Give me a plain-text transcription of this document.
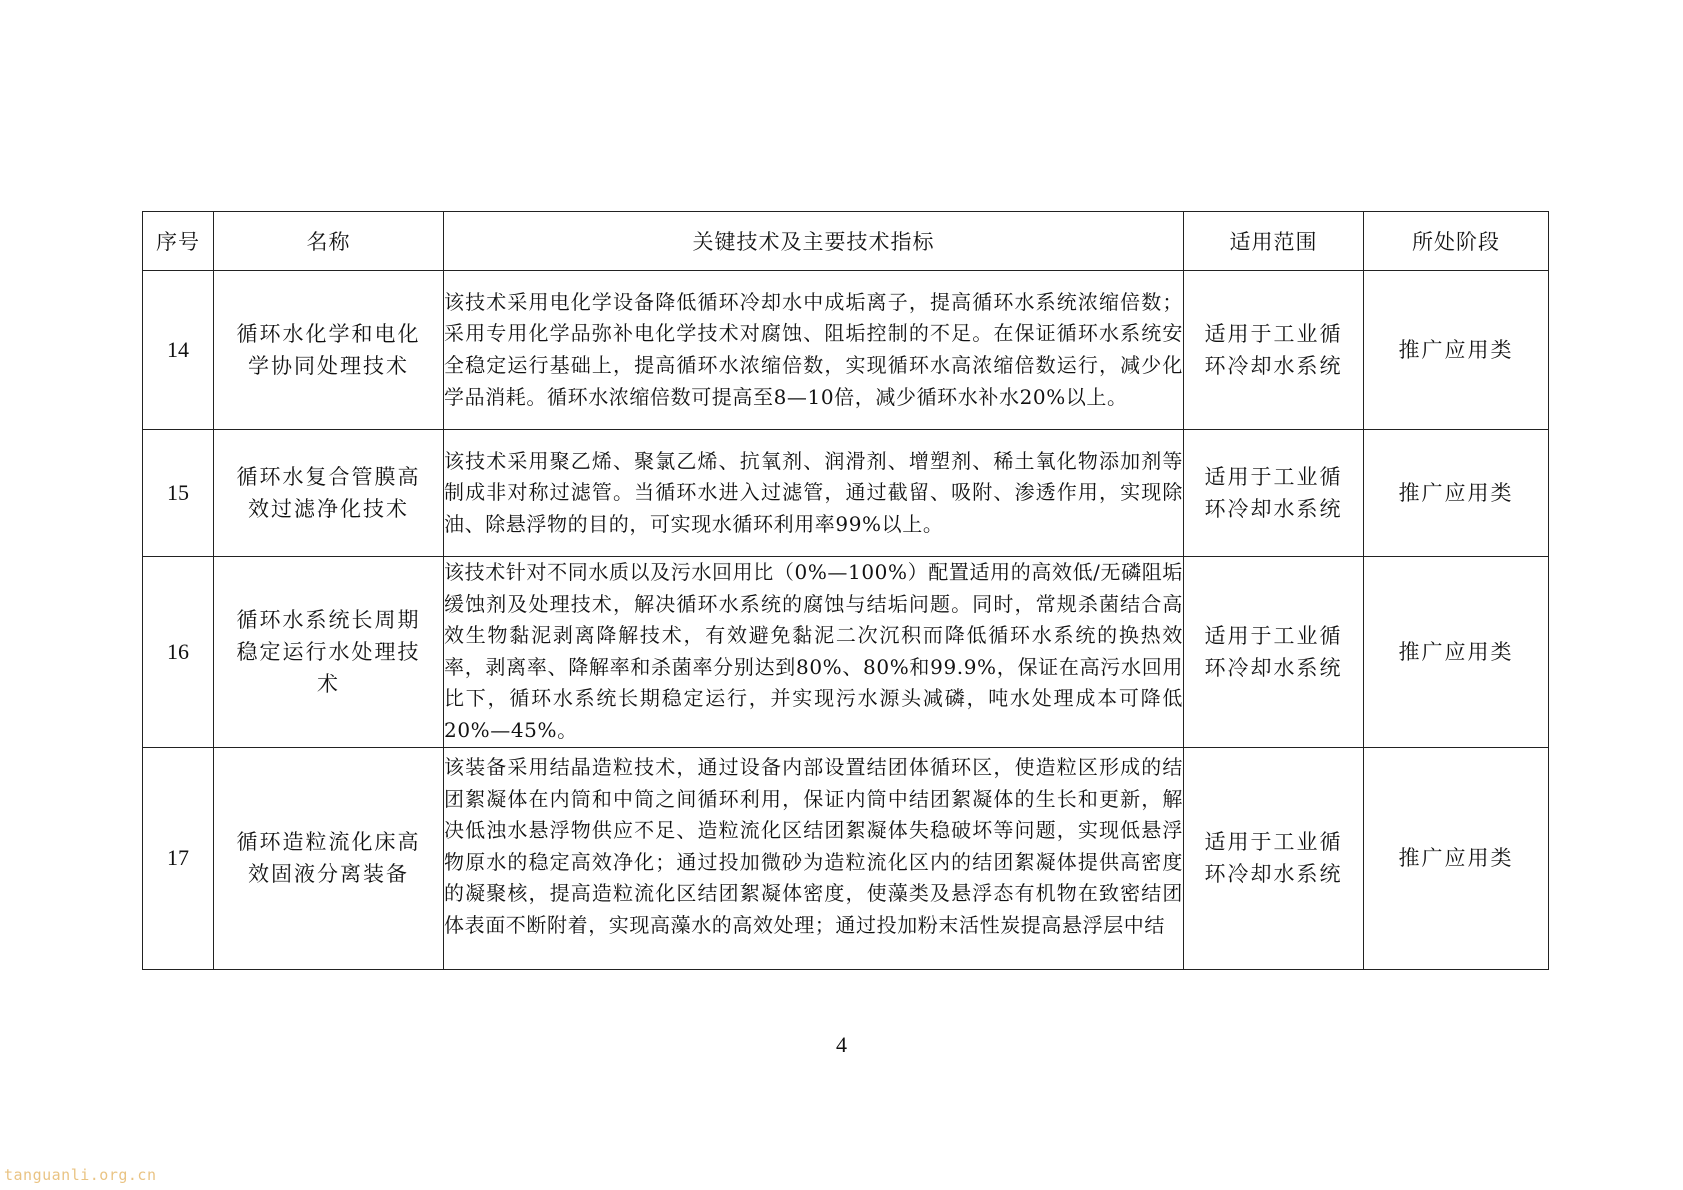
序号	名称	关键技术及主要技术指标	适用范围	所处阶段
14	循环水化学和电化学协同处理技术	该技术采用电化学设备降低循环冷却水中成垢离子，提高循环水系统浓缩倍数；采用专用化学品弥补电化学技术对腐蚀、阻垢控制的不足。在保证循环水系统安全稳定运行基础上，提高循环水浓缩倍数，实现循环水高浓缩倍数运行，减少化学品消耗。循环水浓缩倍数可提高至8—10倍，减少循环水补水20%以上。	适用于工业循环冷却水系统	推广应用类
15	循环水复合管膜高效过滤净化技术	该技术采用聚乙烯、聚氯乙烯、抗氧剂、润滑剂、增塑剂、稀土氧化物添加剂等制成非对称过滤管。当循环水进入过滤管，通过截留、吸附、渗透作用，实现除油、除悬浮物的目的，可实现水循环利用率99%以上。	适用于工业循环冷却水系统	推广应用类
16	循环水系统长周期稳定运行水处理技术	该技术针对不同水质以及污水回用比（0%—100%）配置适用的高效低/无磷阻垢缓蚀剂及处理技术，解决循环水系统的腐蚀与结垢问题。同时，常规杀菌结合高效生物黏泥剥离降解技术，有效避免黏泥二次沉积而降低循环水系统的换热效率，剥离率、降解率和杀菌率分别达到80%、80%和99.9%，保证在高污水回用比下，循环水系统长期稳定运行，并实现污水源头减磷，吨水处理成本可降低20%—45%。	适用于工业循环冷却水系统	推广应用类
17	循环造粒流化床高效固液分离装备	该装备采用结晶造粒技术，通过设备内部设置结团体循环区，使造粒区形成的结团絮凝体在内筒和中筒之间循环利用，保证内筒中结团絮凝体的生长和更新，解决低浊水悬浮物供应不足、造粒流化区结团絮凝体失稳破坏等问题，实现低悬浮物原水的稳定高效净化；通过投加微砂为造粒流化区内的结团絮凝体提供高密度的凝聚核，提高造粒流化区结团絮凝体密度，使藻类及悬浮态有机物在致密结团体表面不断附着，实现高藻水的高效处理；通过投加粉末活性炭提高悬浮层中结	适用于工业循环冷却水系统	推广应用类
4
tanguanli.org.cn
